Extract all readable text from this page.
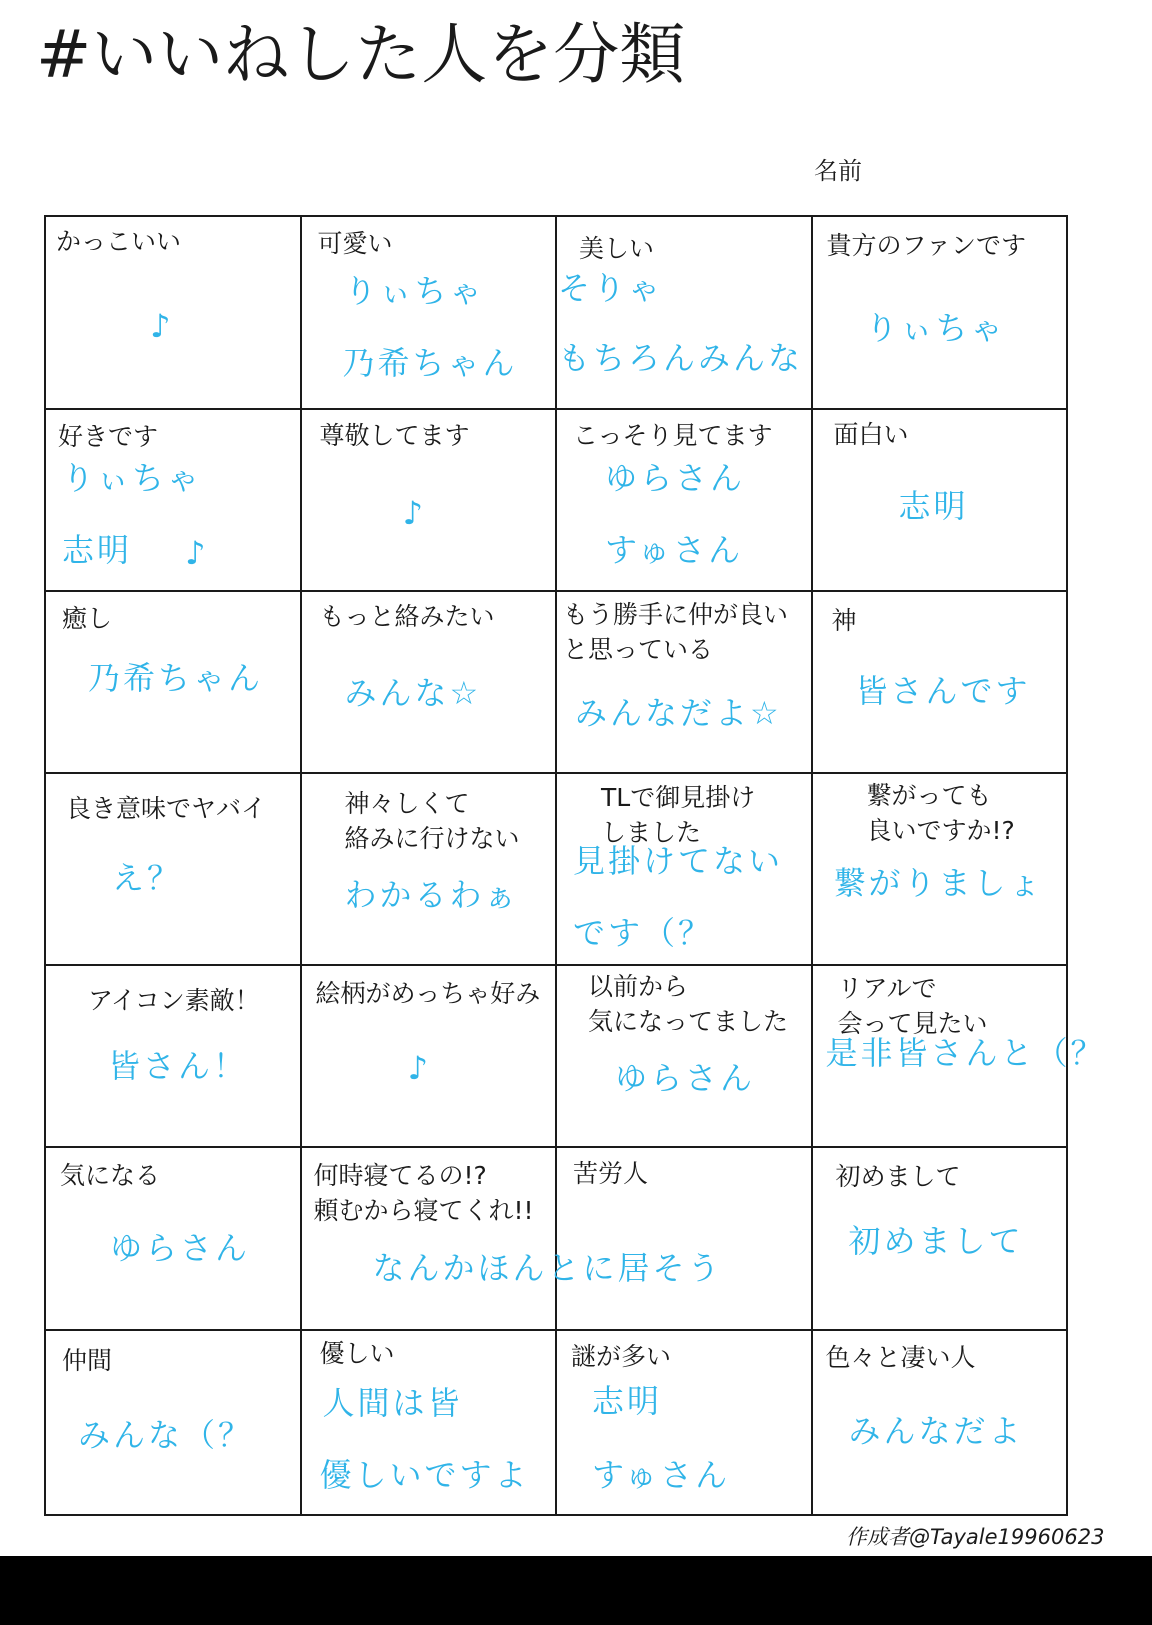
#いいねした人を分類
名前
かっこいい
♪
可愛い
りぃちゃ
乃希ちゃん
美しい
そりゃ
もちろんみんな
貴方のファンです
りぃちゃ
好きです
りぃちゃ
志明 ♪
尊敬してます
♪
こっそり見てます
ゆらさん
すゅさん
面白い
志明
癒し
乃希ちゃん
もっと絡みたい
みんな☆
もう勝手に仲が良い
と思っている
みんなだよ☆
神
皆さんです
良き意味でヤバイ
え？
神々しくて
絡みに行けない
わかるわぁ
TLで御見掛け
しました
見掛けてない
です（？
繋がっても
良いですか!?
繋がりましょ
アイコン素敵！
皆さん！
絵柄がめっちゃ好み
♪
以前から
気になってました
ゆらさん
リアルで
会って見たい
是非皆さんと（？
気になる
ゆらさん
何時寝てるの!?
頼むから寝てくれ!!
なんかほんとに居そう
苦労人	初めまして
初めまして
仲間
みんな（？
優しい
人間は皆
優しいですよ
謎が多い
志明
すゅさん
色々と凄い人
みんなだよ
作成者@Tayale19960623
